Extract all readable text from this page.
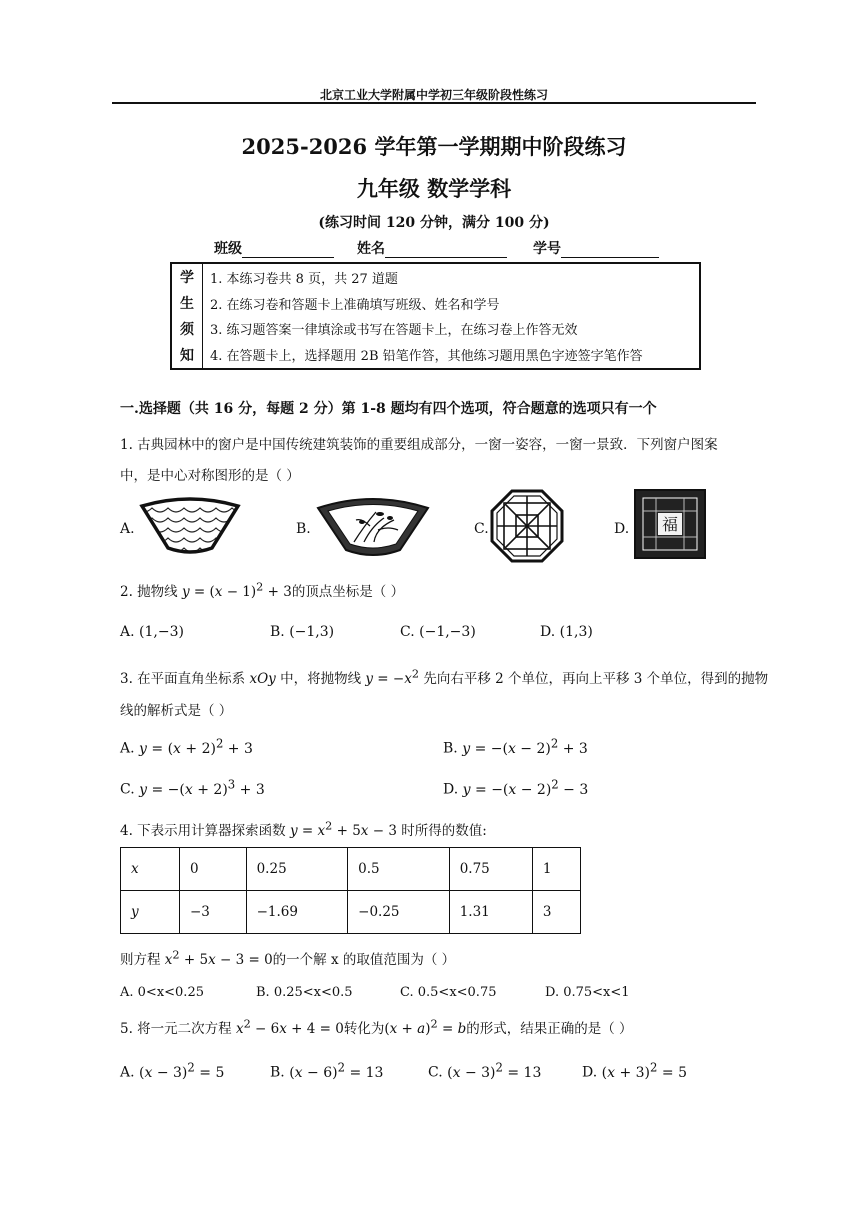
北京工业大学附属中学初三年级阶段性练习
2025-2026 学年第一学期期中阶段练习
九年级 数学学科
(练习时间 120 分钟，满分 100 分)
班级	姓名	学号
学
生
须
知
1. 本练习卷共 8 页，共 27 道题
2. 在练习卷和答题卡上准确填写班级、姓名和学号
3. 练习题答案一律填涂或书写在答题卡上，在练习卷上作答无效
4. 在答题卡上，选择题用 2B 铅笔作答，其他练习题用黑色字迹签字笔作答
一.选择题（共 16 分，每题 2 分）第 1-8 题均有四个选项，符合题意的选项只有一个
1. 古典园林中的窗户是中国传统建筑装饰的重要组成部分，一窗一姿容，一窗一景致．下列窗户图案
中，是中心对称图形的是（ ）
A.	B.	C.	D. 福
2. 抛物线 $y = (x - 1)^2 + 3$的顶点坐标是（ ）
A. (1,−3)	B. (−1,3)	C. (−1,−3)	D. (1,3)
3. 在平面直角坐标系 xOy 中，将抛物线 $y = -x^2$ 先向右平移 2 个单位，再向上平移 3 个单位，得到的抛物
线的解析式是（ ）
A. $y = (x + 2)^2 + 3$	B. $y = -(x - 2)^2 + 3$
C. $y = -(x + 2)^3 + 3$	D. $y = -(x - 2)^2 - 3$
4. 下表示用计算器探索函数 $y = x^2 + 5x - 3$ 时所得的数值:
x	0	0.25	0.5	0.75	1
y	−3	−1.69	−0.25	1.31	3
则方程 $x^2 + 5x - 3 = 0$的一个解 x 的取值范围为（ ）
A. 0<x<0.25	B. 0.25<x<0.5	C. 0.5<x<0.75	D. 0.75<x<1
5. 将一元二次方程 $x^2 - 6x + 4 = 0$转化为$(x + a)^2 = b$的形式，结果正确的是（ ）
A. $(x - 3)^2 = 5$	B. $(x - 6)^2 = 13$	C. $(x - 3)^2 = 13$	D. $(x + 3)^2 = 5$
